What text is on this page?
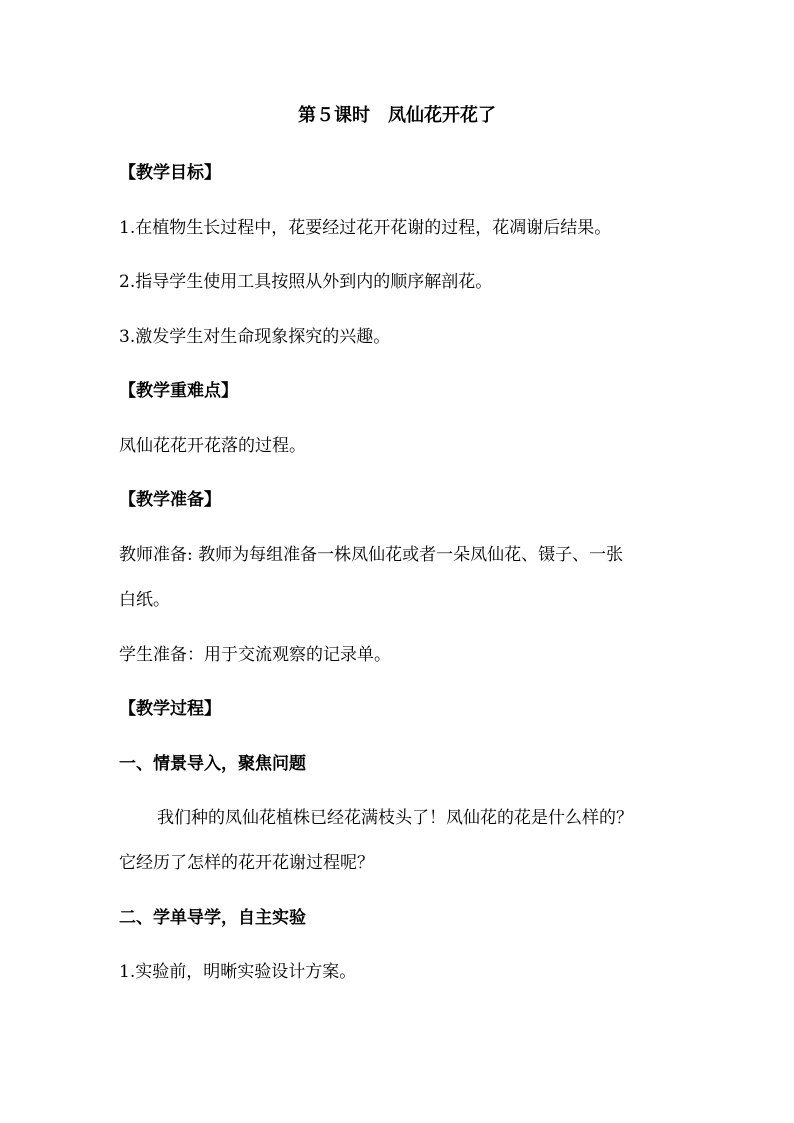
第５课时　凤仙花开花了
【教学目标】
1.在植物生长过程中，花要经过花开花谢的过程，花凋谢后结果。
2.指导学生使用工具按照从外到内的顺序解剖花。
3.激发学生对生命现象探究的兴趣。
【教学重难点】
凤仙花花开花落的过程。
【教学准备】
教师准备: 教师为每组准备一株凤仙花或者一朵凤仙花、镊子、一张
白纸。
学生准备：用于交流观察的记录单。
【教学过程】
一、情景导入，聚焦问题
我们种的凤仙花植株已经花满枝头了！凤仙花的花是什么样的？
它经历了怎样的花开花谢过程呢？
二、学单导学，自主实验
1.实验前，明晰实验设计方案。
